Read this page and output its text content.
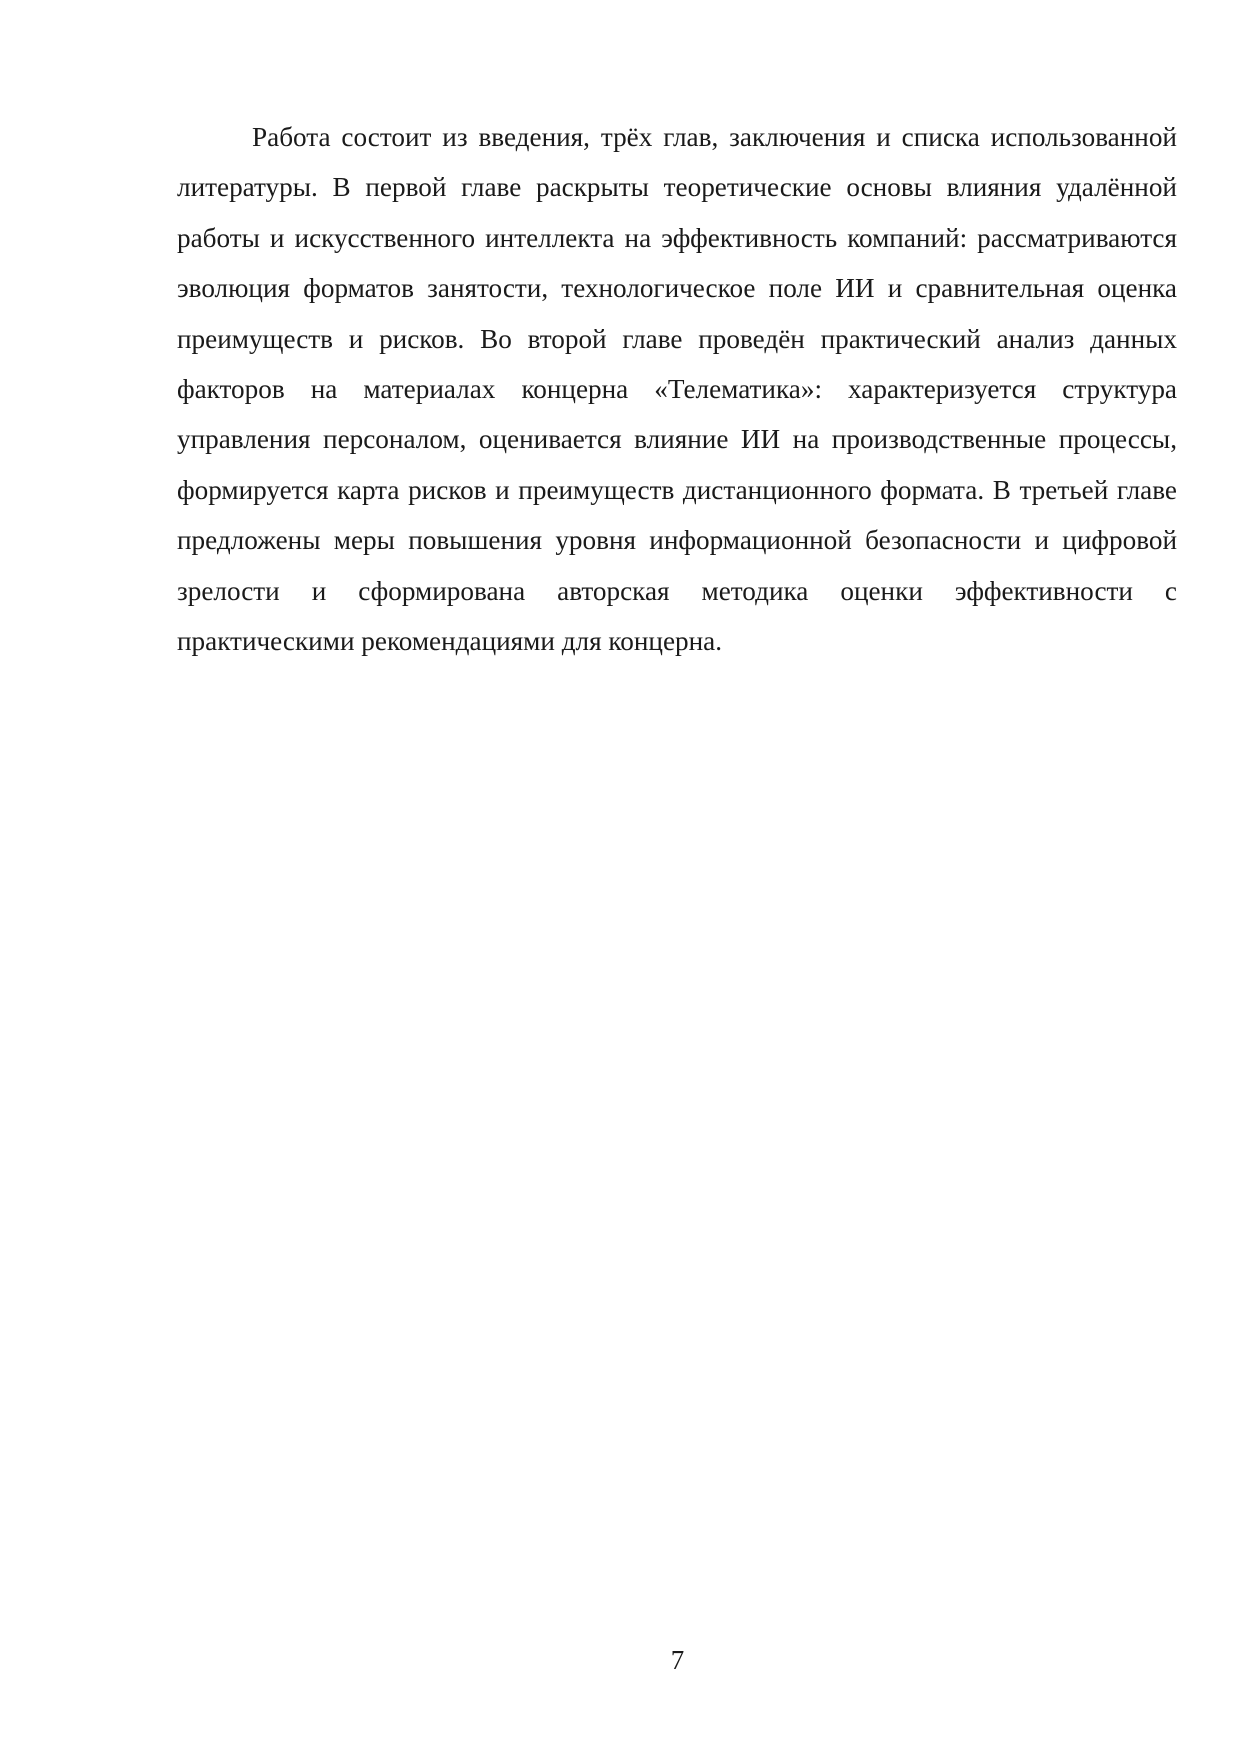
Работа состоит из введения, трёх глав, заключения и списка использованной литературы. В первой главе раскрыты теоретические основы влияния удалённой работы и искусственного интеллекта на эффективность компаний: рассматриваются эволюция форматов занятости, технологическое поле ИИ и сравнительная оценка преимуществ и рисков. Во второй главе проведён практический анализ данных факторов на материалах концерна «Телематика»: характеризуется структура управления персоналом, оценивается влияние ИИ на производственные процессы, формируется карта рисков и преимуществ дистанционного формата. В третьей главе предложены меры повышения уровня информационной безопасности и цифровой зрелости и сформирована авторская методика оценки эффективности с практическими рекомендациями для концерна.

7
